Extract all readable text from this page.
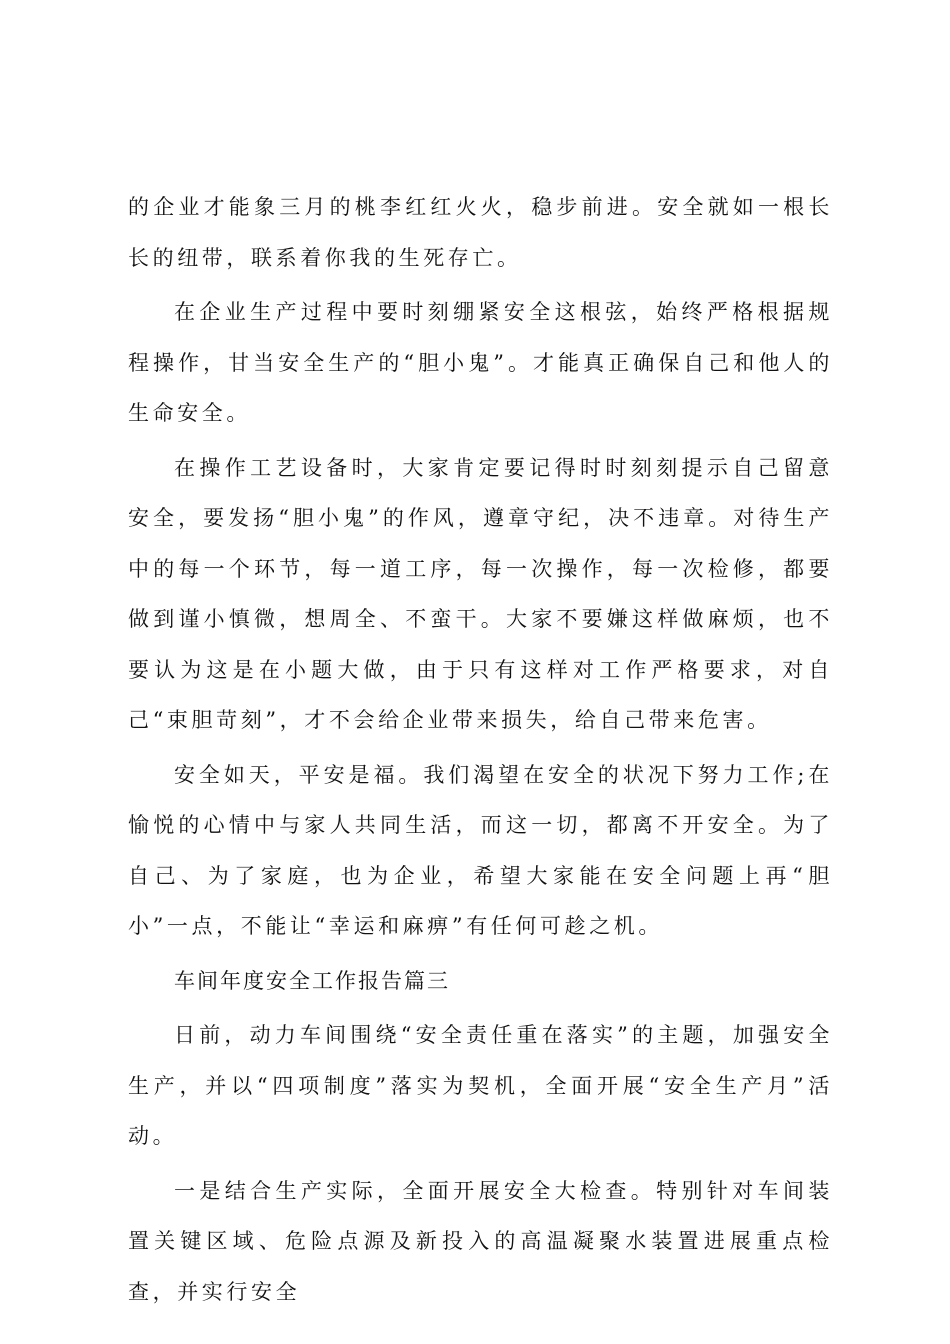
的企业才能象三月的桃李红红火火，稳步前进。安全就如一根长长的纽带，联系着你我的生死存亡。

在企业生产过程中要时刻绷紧安全这根弦，始终严格根据规程操作，甘当安全生产的“胆小鬼”。才能真正确保自己和他人的生命安全。

在操作工艺设备时，大家肯定要记得时时刻刻提示自己留意安全，要发扬“胆小鬼”的作风，遵章守纪，决不违章。对待生产中的每一个环节，每一道工序，每一次操作，每一次检修，都要做到谨小慎微，想周全、不蛮干。大家不要嫌这样做麻烦，也不要认为这是在小题大做，由于只有这样对工作严格要求，对自己“束胆苛刻”，才不会给企业带来损失，给自己带来危害。

安全如天，平安是福。我们渴望在安全的状况下努力工作;在愉悦的心情中与家人共同生活，而这一切，都离不开安全。为了自己、为了家庭，也为企业，希望大家能在安全问题上再“胆小”一点，不能让“幸运和麻痹”有任何可趁之机。

车间年度安全工作报告篇三

日前，动力车间围绕“安全责任重在落实”的主题，加强安全生产，并以“四项制度”落实为契机，全面开展“安全生产月”活动。

一是结合生产实际，全面开展安全大检查。特别针对车间装置关键区域、危险点源及新投入的高温凝聚水装置进展重点检查，并实行安全
